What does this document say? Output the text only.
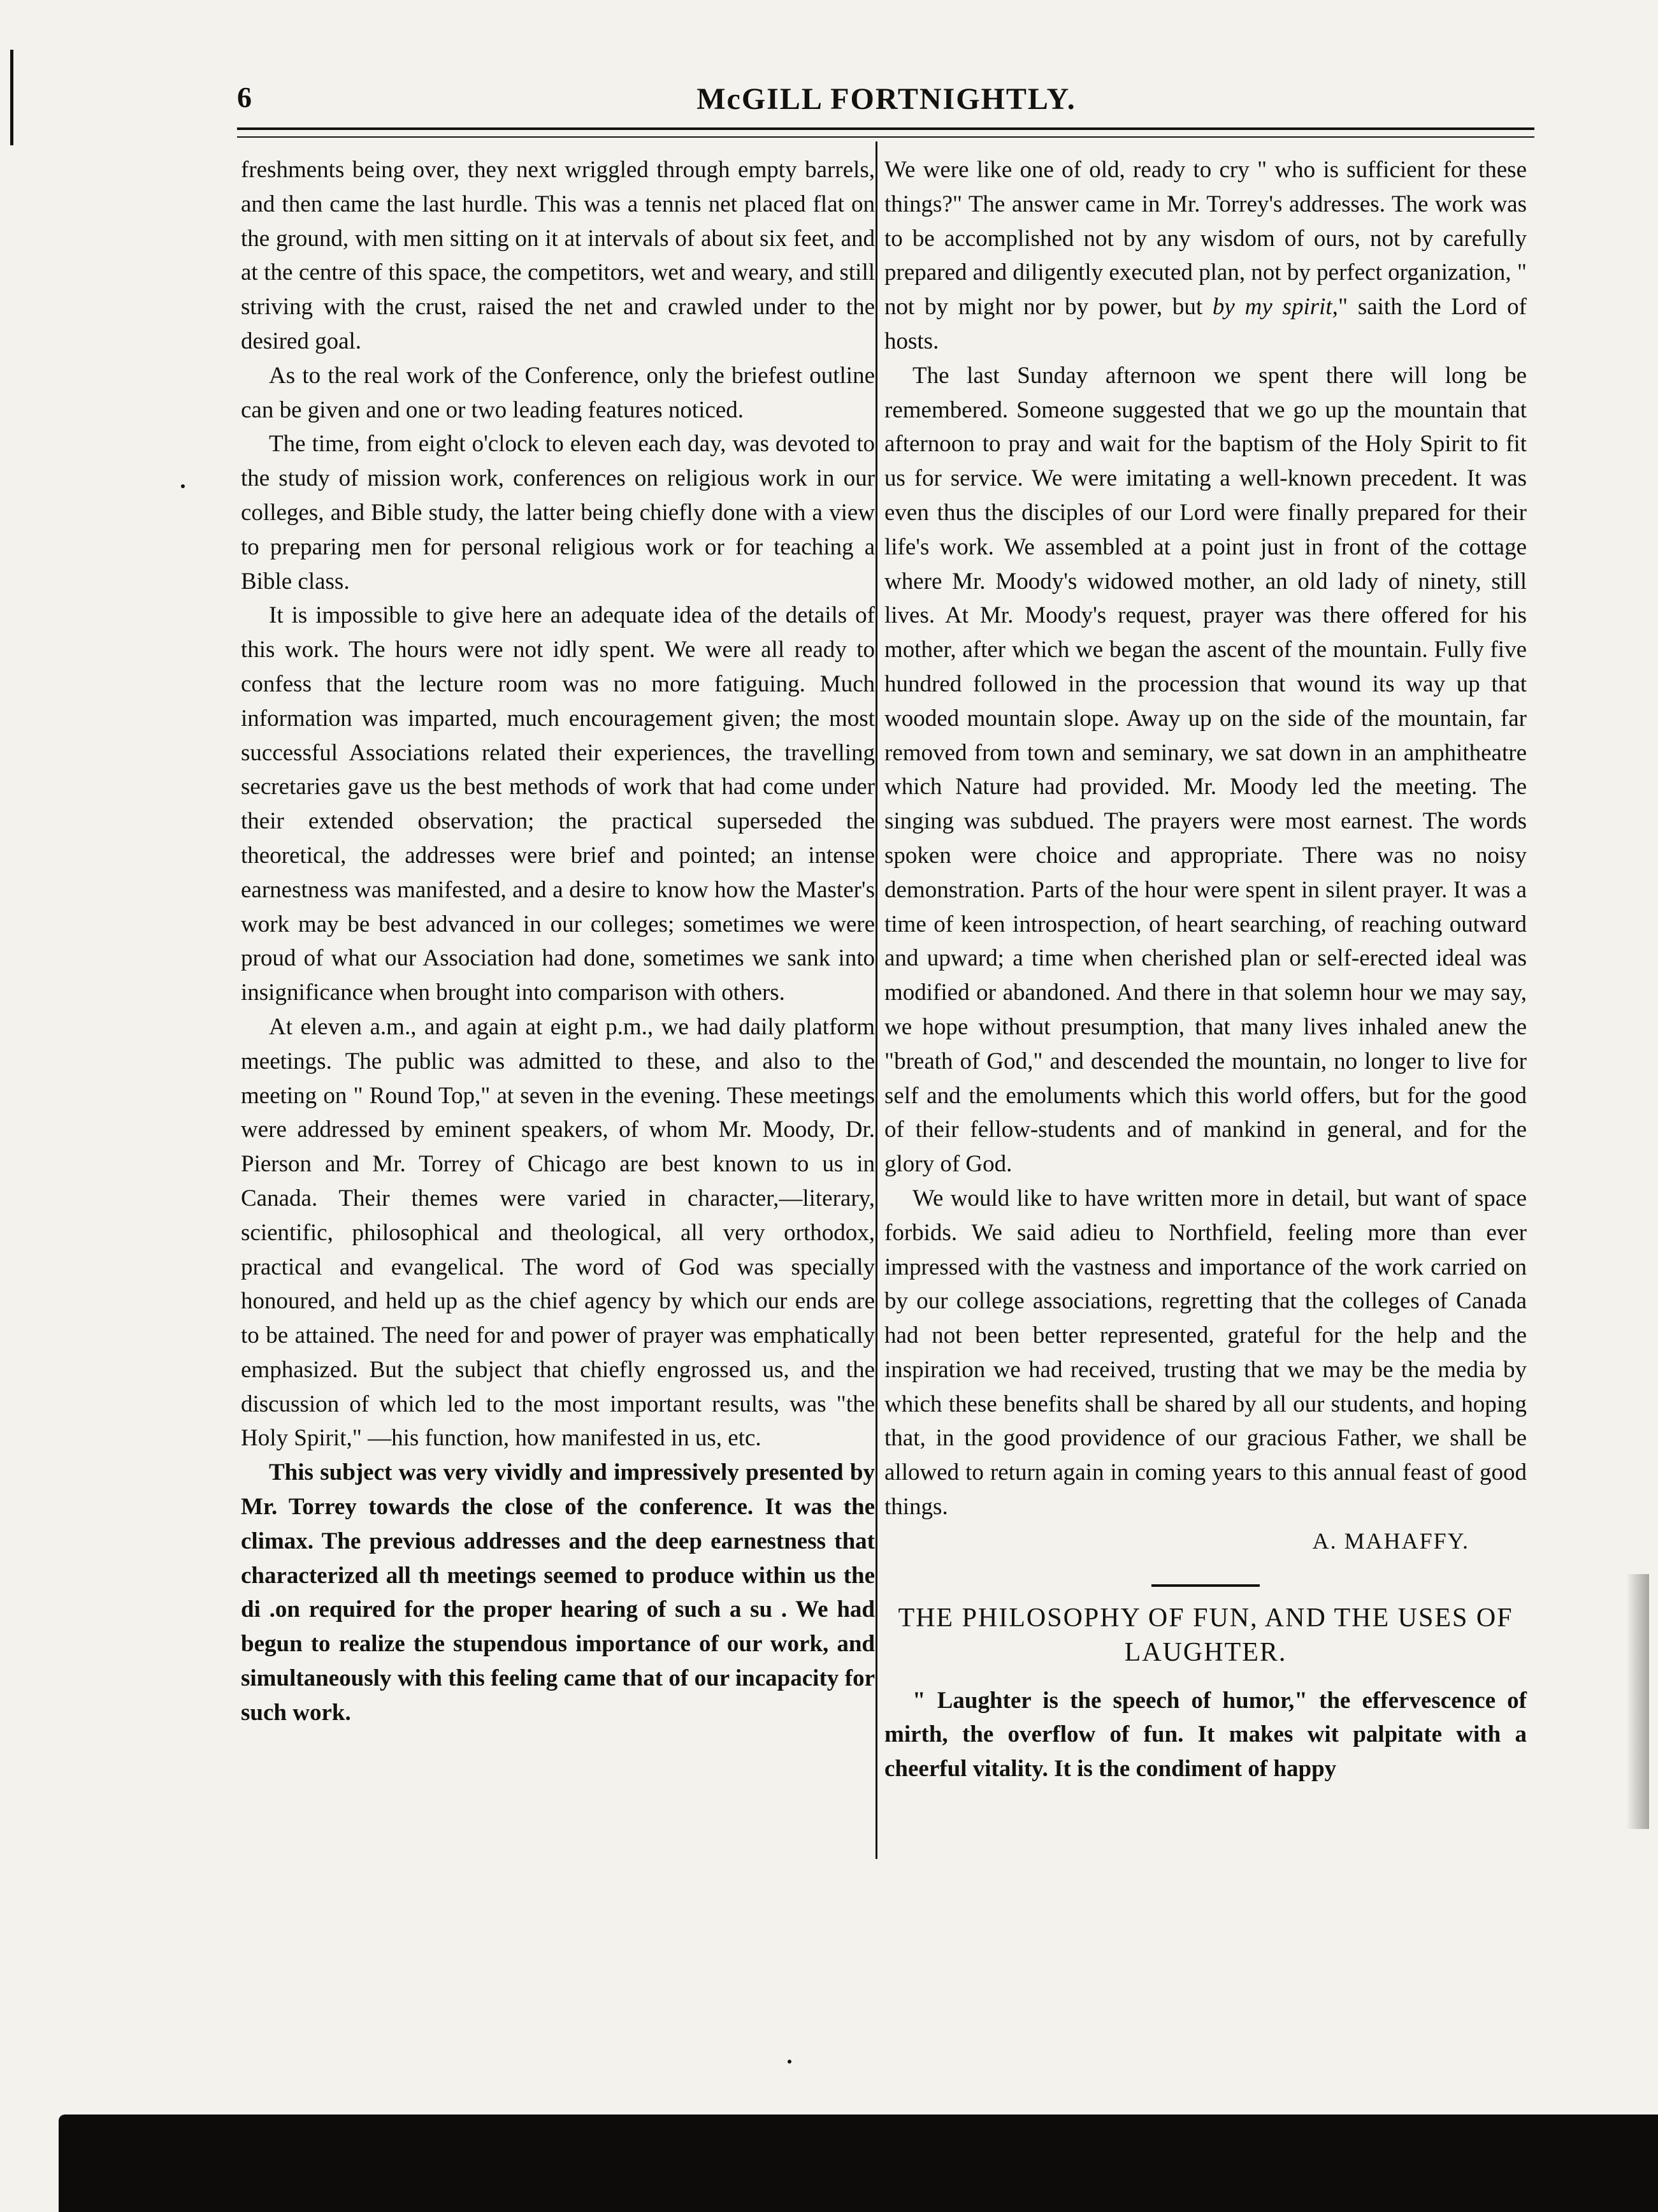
6	McGILL FORTNIGHTLY.

freshments being over, they next wriggled through empty barrels, and then came the last hurdle. This was a tennis net placed flat on the ground, with men sitting on it at intervals of about six feet, and at the centre of this space, the competitors, wet and weary, and still striving with the crust, raised the net and crawled under to the desired goal.

As to the real work of the Conference, only the briefest outline can be given and one or two leading features noticed.

The time, from eight o'clock to eleven each day, was devoted to the study of mission work, conferences on religious work in our colleges, and Bible study, the latter being chiefly done with a view to preparing men for personal religious work or for teaching a Bible class.

It is impossible to give here an adequate idea of the details of this work. The hours were not idly spent. We were all ready to confess that the lecture room was no more fatiguing. Much information was imparted, much encouragement given; the most successful Associations related their experiences, the travelling secretaries gave us the best methods of work that had come under their extended observation; the practical superseded the theoretical, the addresses were brief and pointed; an intense earnestness was manifested, and a desire to know how the Master's work may be best advanced in our colleges; sometimes we were proud of what our Association had done, sometimes we sank into insignificance when brought into comparison with others.

At eleven a.m., and again at eight p.m., we had daily platform meetings. The public was admitted to these, and also to the meeting on " Round Top," at seven in the evening. These meetings were addressed by eminent speakers, of whom Mr. Moody, Dr. Pierson and Mr. Torrey of Chicago are best known to us in Canada. Their themes were varied in character,—literary, scientific, philosophical and theological, all very orthodox, practical and evangelical. The word of God was specially honoured, and held up as the chief agency by which our ends are to be attained. The need for and power of prayer was emphatically emphasized. But the subject that chiefly engrossed us, and the discussion of which led to the most important results, was "the Holy Spirit," —his function, how manifested in us, etc.

This subject was very vividly and impressively presented by Mr. Torrey towards the close of the conference. It was the climax. The previous addresses and the deep earnestness that characterized all th meetings seemed to produce within us the di .on required for the proper hearing of such a su . We had begun to realize the stupendous importance of our work, and simultaneously with this feeling came that of our incapacity for such work.

We were like one of old, ready to cry " who is sufficient for these things?" The answer came in Mr. Torrey's addresses. The work was to be accomplished not by any wisdom of ours, not by carefully prepared and diligently executed plan, not by perfect organization, " not by might nor by power, but by my spirit," saith the Lord of hosts.

The last Sunday afternoon we spent there will long be remembered. Someone suggested that we go up the mountain that afternoon to pray and wait for the baptism of the Holy Spirit to fit us for service. We were imitating a well-known precedent. It was even thus the disciples of our Lord were finally prepared for their life's work. We assembled at a point just in front of the cottage where Mr. Moody's widowed mother, an old lady of ninety, still lives. At Mr. Moody's request, prayer was there offered for his mother, after which we began the ascent of the mountain. Fully five hundred followed in the procession that wound its way up that wooded mountain slope. Away up on the side of the mountain, far removed from town and seminary, we sat down in an amphitheatre which Nature had provided. Mr. Moody led the meeting. The singing was subdued. The prayers were most earnest. The words spoken were choice and appropriate. There was no noisy demonstration. Parts of the hour were spent in silent prayer. It was a time of keen introspection, of heart searching, of reaching outward and upward; a time when cherished plan or self-erected ideal was modified or abandoned. And there in that solemn hour we may say, we hope without presumption, that many lives inhaled anew the "breath of God," and descended the mountain, no longer to live for self and the emoluments which this world offers, but for the good of their fellow-students and of mankind in general, and for the glory of God.

We would like to have written more in detail, but want of space forbids. We said adieu to Northfield, feeling more than ever impressed with the vastness and importance of the work carried on by our college associations, regretting that the colleges of Canada had not been better represented, grateful for the help and the inspiration we had received, trusting that we may be the media by which these benefits shall be shared by all our students, and hoping that, in the good providence of our gracious Father, we shall be allowed to return again in coming years to this annual feast of good things.

A. MAHAFFY.

THE PHILOSOPHY OF FUN, AND THE USES OF LAUGHTER.

" Laughter is the speech of humor," the effervescence of mirth, the overflow of fun. It makes wit palpitate with a cheerful vitality. It is the condiment of happy
